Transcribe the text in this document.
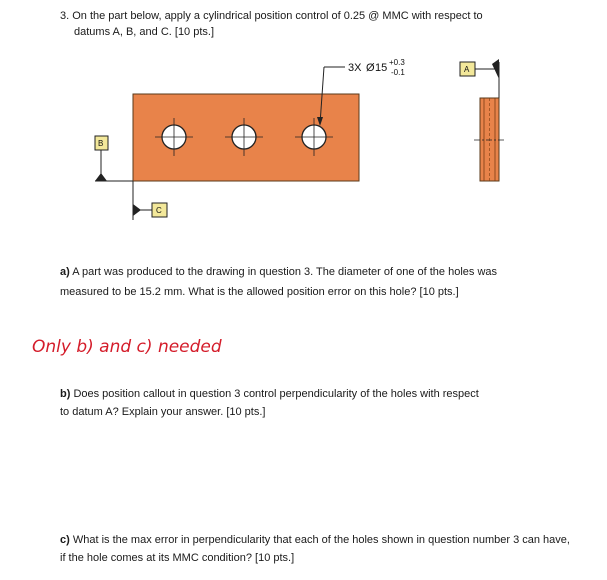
3. On the part below, apply a cylindrical position control of 0.25 @ MMC with respect to
datums A, B, and C. [10 pts.]
3X Ø 15 +0.3
-0.1	A
B
C
Only b) and c) needed
a) A part was produced to the drawing in question 3. The diameter of one of the holes was
measured to be 15.2 mm. What is the allowed position error on this hole? [10 pts.]
b) Does position callout in question 3 control perpendicularity of the holes with respect
to datum A? Explain your answer. [10 pts.]
c) What is the max error in perpendicularity that each of the holes shown in question number 3 can have,
if the hole comes at its MMC condition? [10 pts.]
